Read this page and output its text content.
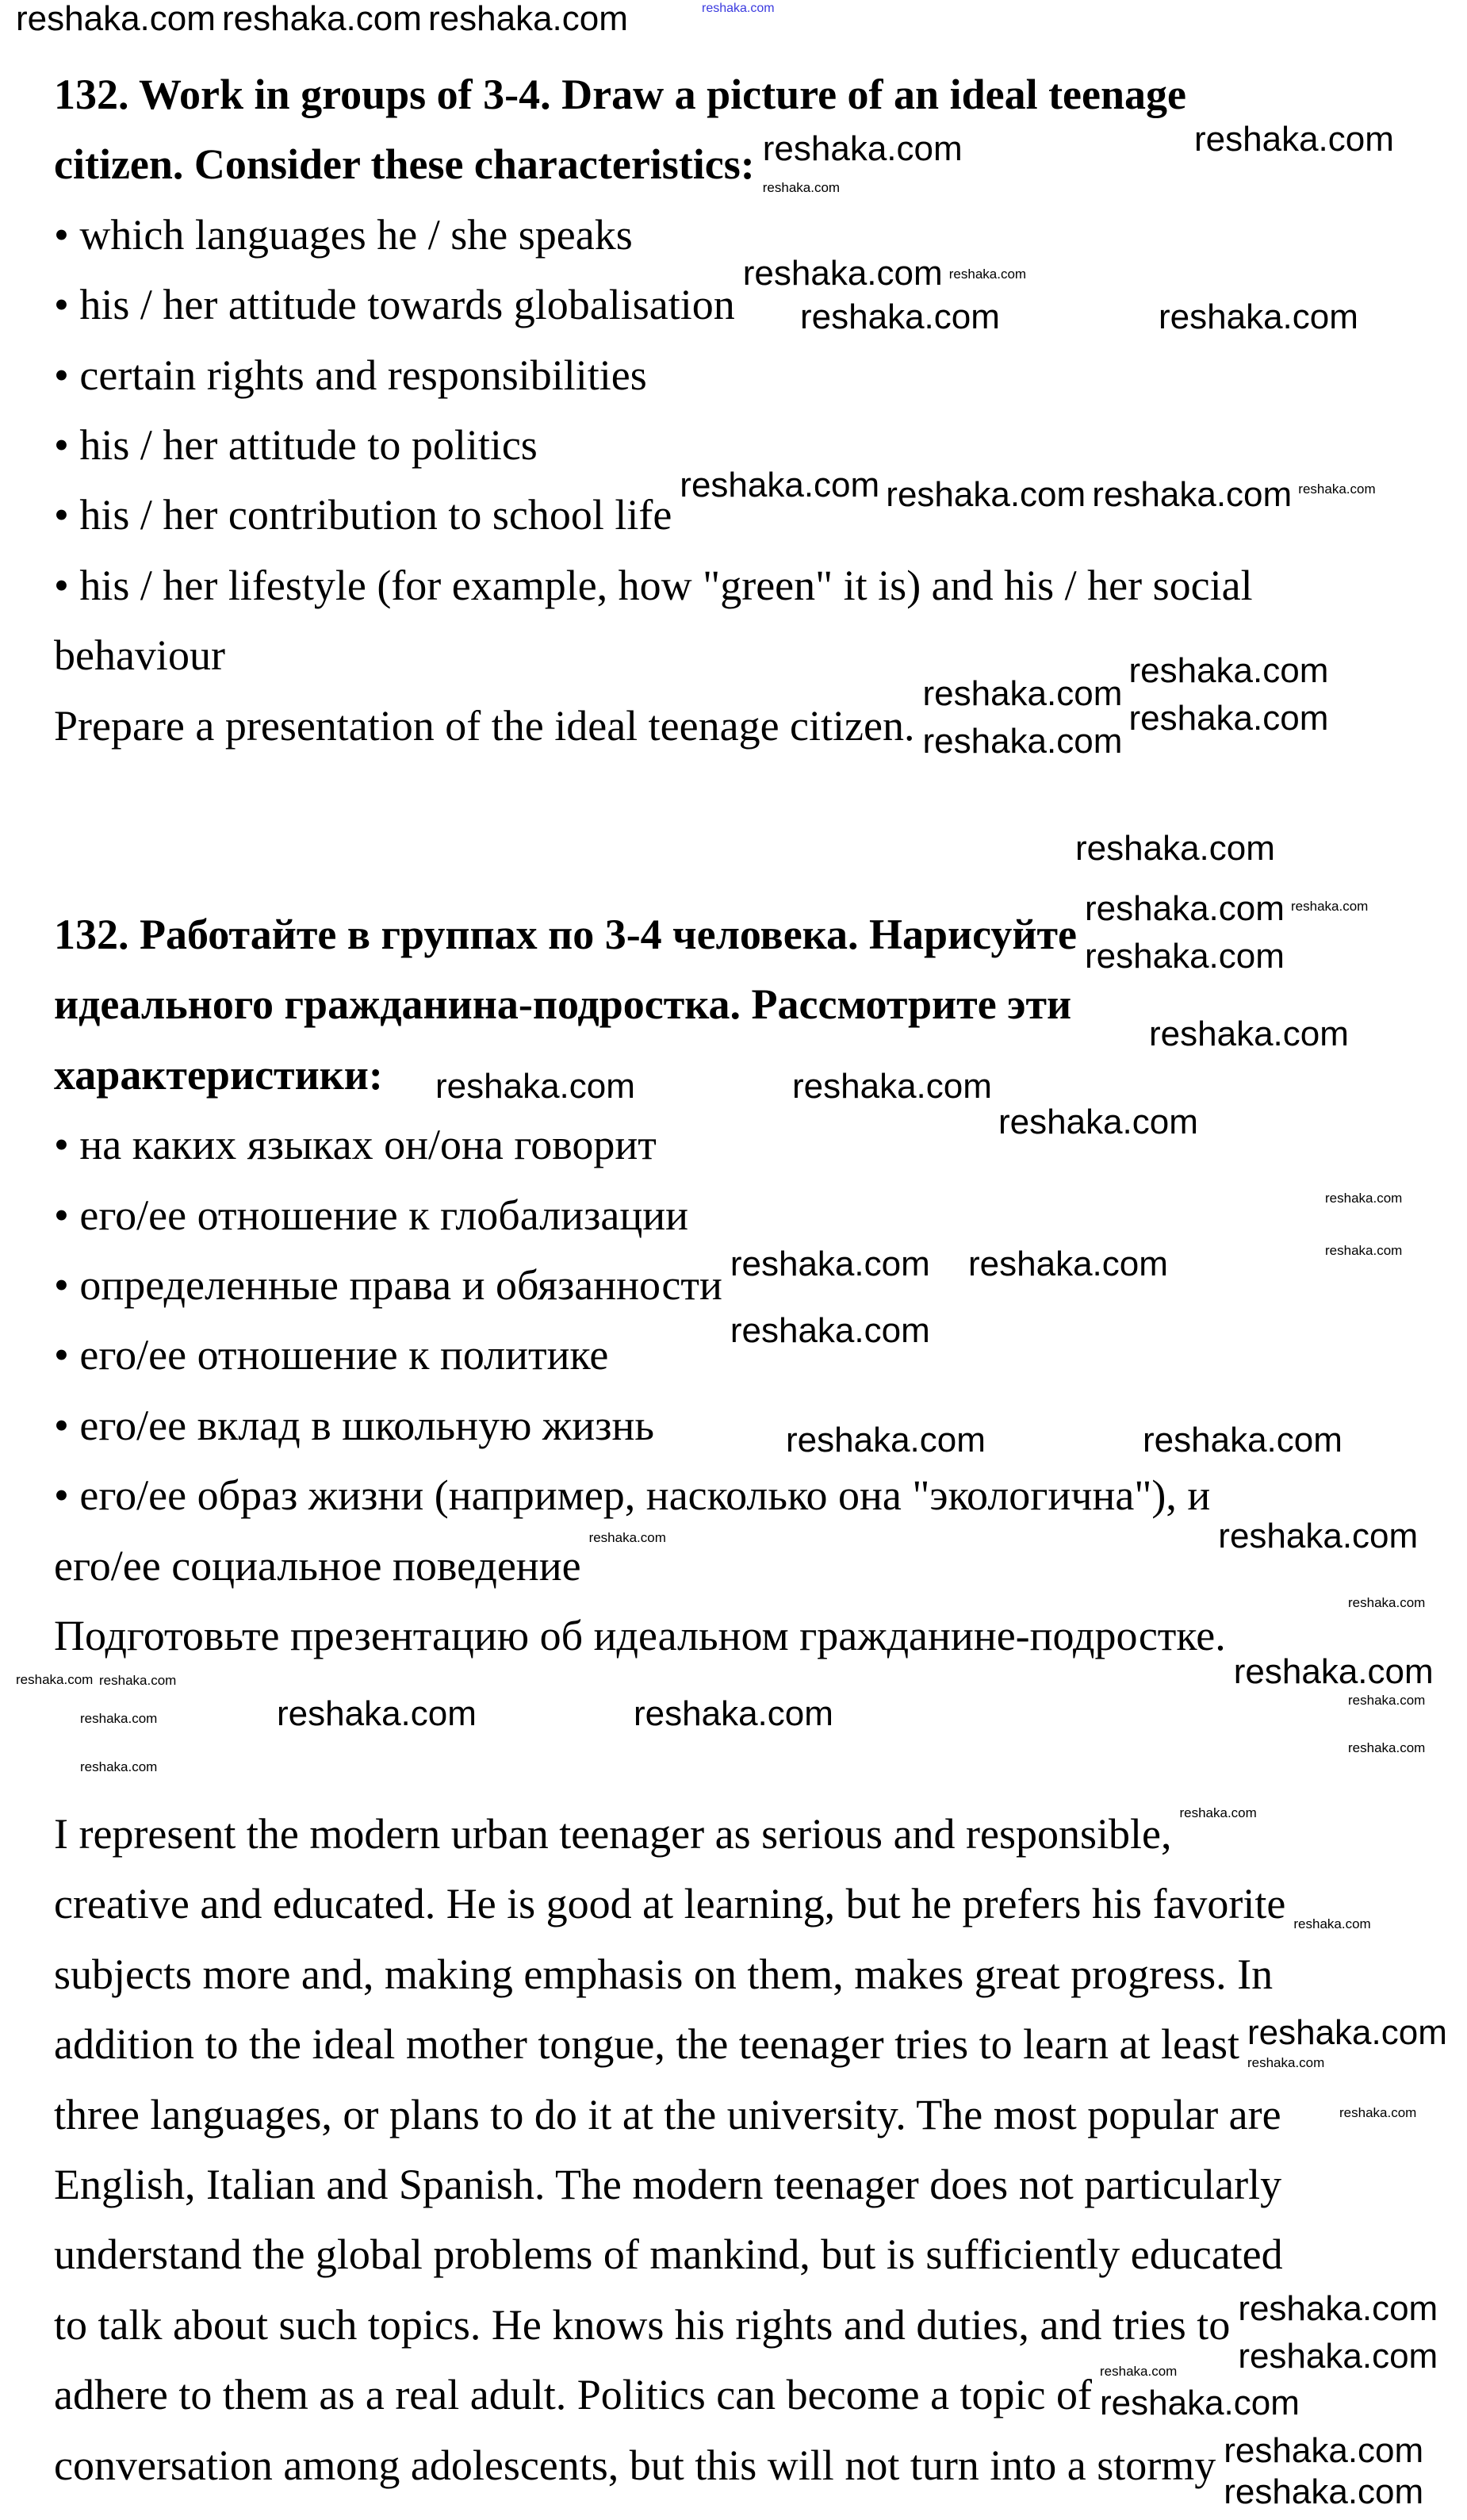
reshaka.com
132. Work in groups of 3-4. Draw a picture of an ideal teenage
citizen. Consider these characteristics:
• which languages he / she speaks
• his / her attitude towards globalisation
• certain rights and responsibilities
• his / her attitude to politics
• his / her contribution to school life
• his / her lifestyle (for example, how "green" it is) and his / her social
behaviour
Prepare a presentation of the ideal teenage citizen.
132. Работайте в группах по 3-4 человека. Нарисуйте
идеального гражданина-подростка. Рассмотрите эти
характеристики:
• на каких языках он/она говорит
• его/ее отношение к глобализации
• определенные права и обязанности
• его/ее отношение к политике
• его/ее вклад в школьную жизнь
• его/ее образ жизни (например, насколько она "экологична"), и
его/ее социальное поведение
Подготовьте презентацию об идеальном гражданине-подростке.
I represent the modern urban teenager as serious and responsible,
creative and educated. He is good at learning, but he prefers his favorite
subjects more and, making emphasis on them, makes great progress. In
addition to the ideal mother tongue, the teenager tries to learn at least
three languages, or plans to do it at the university. The most popular are
English, Italian and Spanish. The modern teenager does not particularly
understand the global problems of mankind, but is sufficiently educated
to talk about such topics. He knows his rights and duties, and tries to
adhere to them as a real adult. Politics can become a topic of
conversation among adolescents, but this will not turn into a stormy
reshaka.com
reshaka.com
reshaka.com
reshaka.com	reshaka.com
reshaka.com reshaka.com reshaka.com
reshaka.com
reshaka.com
reshaka.com
reshaka.com
reshaka.com
reshaka.com
reshaka.com
reshaka.com
reshaka.com	reshaka.com
reshaka.com
reshaka.com reshaka.com
reshaka.com
reshaka.com	reshaka.com
reshaka.com
reshaka.com
reshaka.com	reshaka.com
reshaka.com
reshaka.com
reshaka.com
reshaka.com
reshaka.com
reshaka.com
reshaka.com reshaka.com reshaka.com
reshaka.com
reshaka.com
reshaka.com
reshaka.com
reshaka.com
reshaka.com
reshaka.com
reshaka.com
reshaka.com
reshaka.com
reshaka.com
reshaka.com
reshaka.com
reshaka.com
reshaka.com
reshaka.com
reshaka.com
reshaka.com
reshaka.com
